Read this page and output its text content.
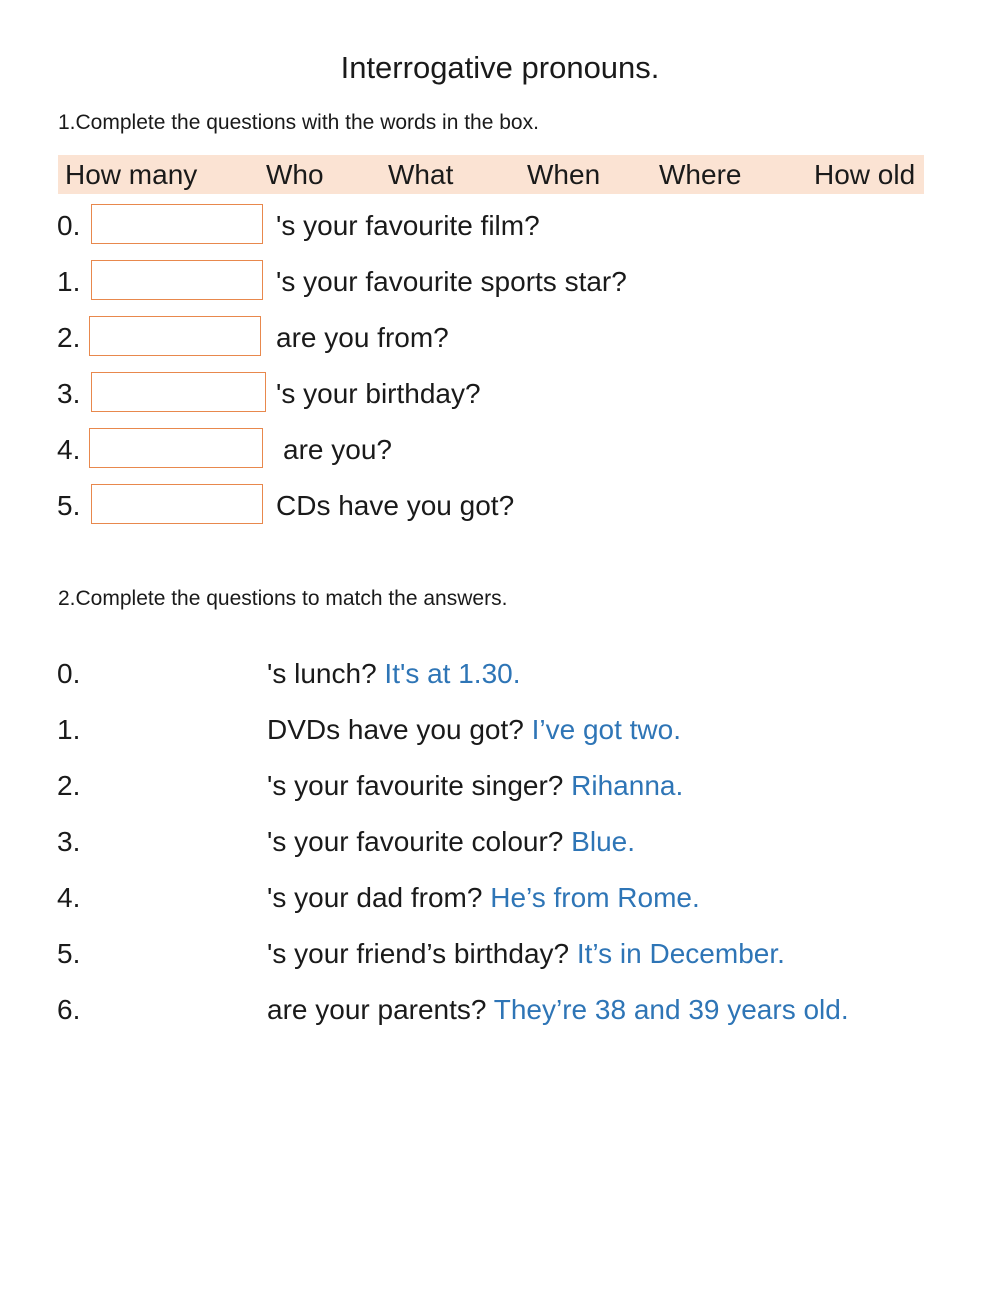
Interrogative pronouns.
1.Complete the questions with the words in the box.
How many Who What	When Where	How old
0.	's your favourite film?
1.	's your favourite sports star?
2.	are you from?
3.	's your birthday?
4.	are you?
5.	CDs have you got?
2.Complete the questions to match the answers.
0.	's lunch? It's at 1.30.
1.	DVDs have you got? I’ve got two.
2.	's your favourite singer? Rihanna.
3.	's your favourite colour? Blue.
4.	's your dad from? He’s from Rome.
5.	's your friend’s birthday? It’s in December.
6.	are your parents? They’re 38 and 39 years old.
